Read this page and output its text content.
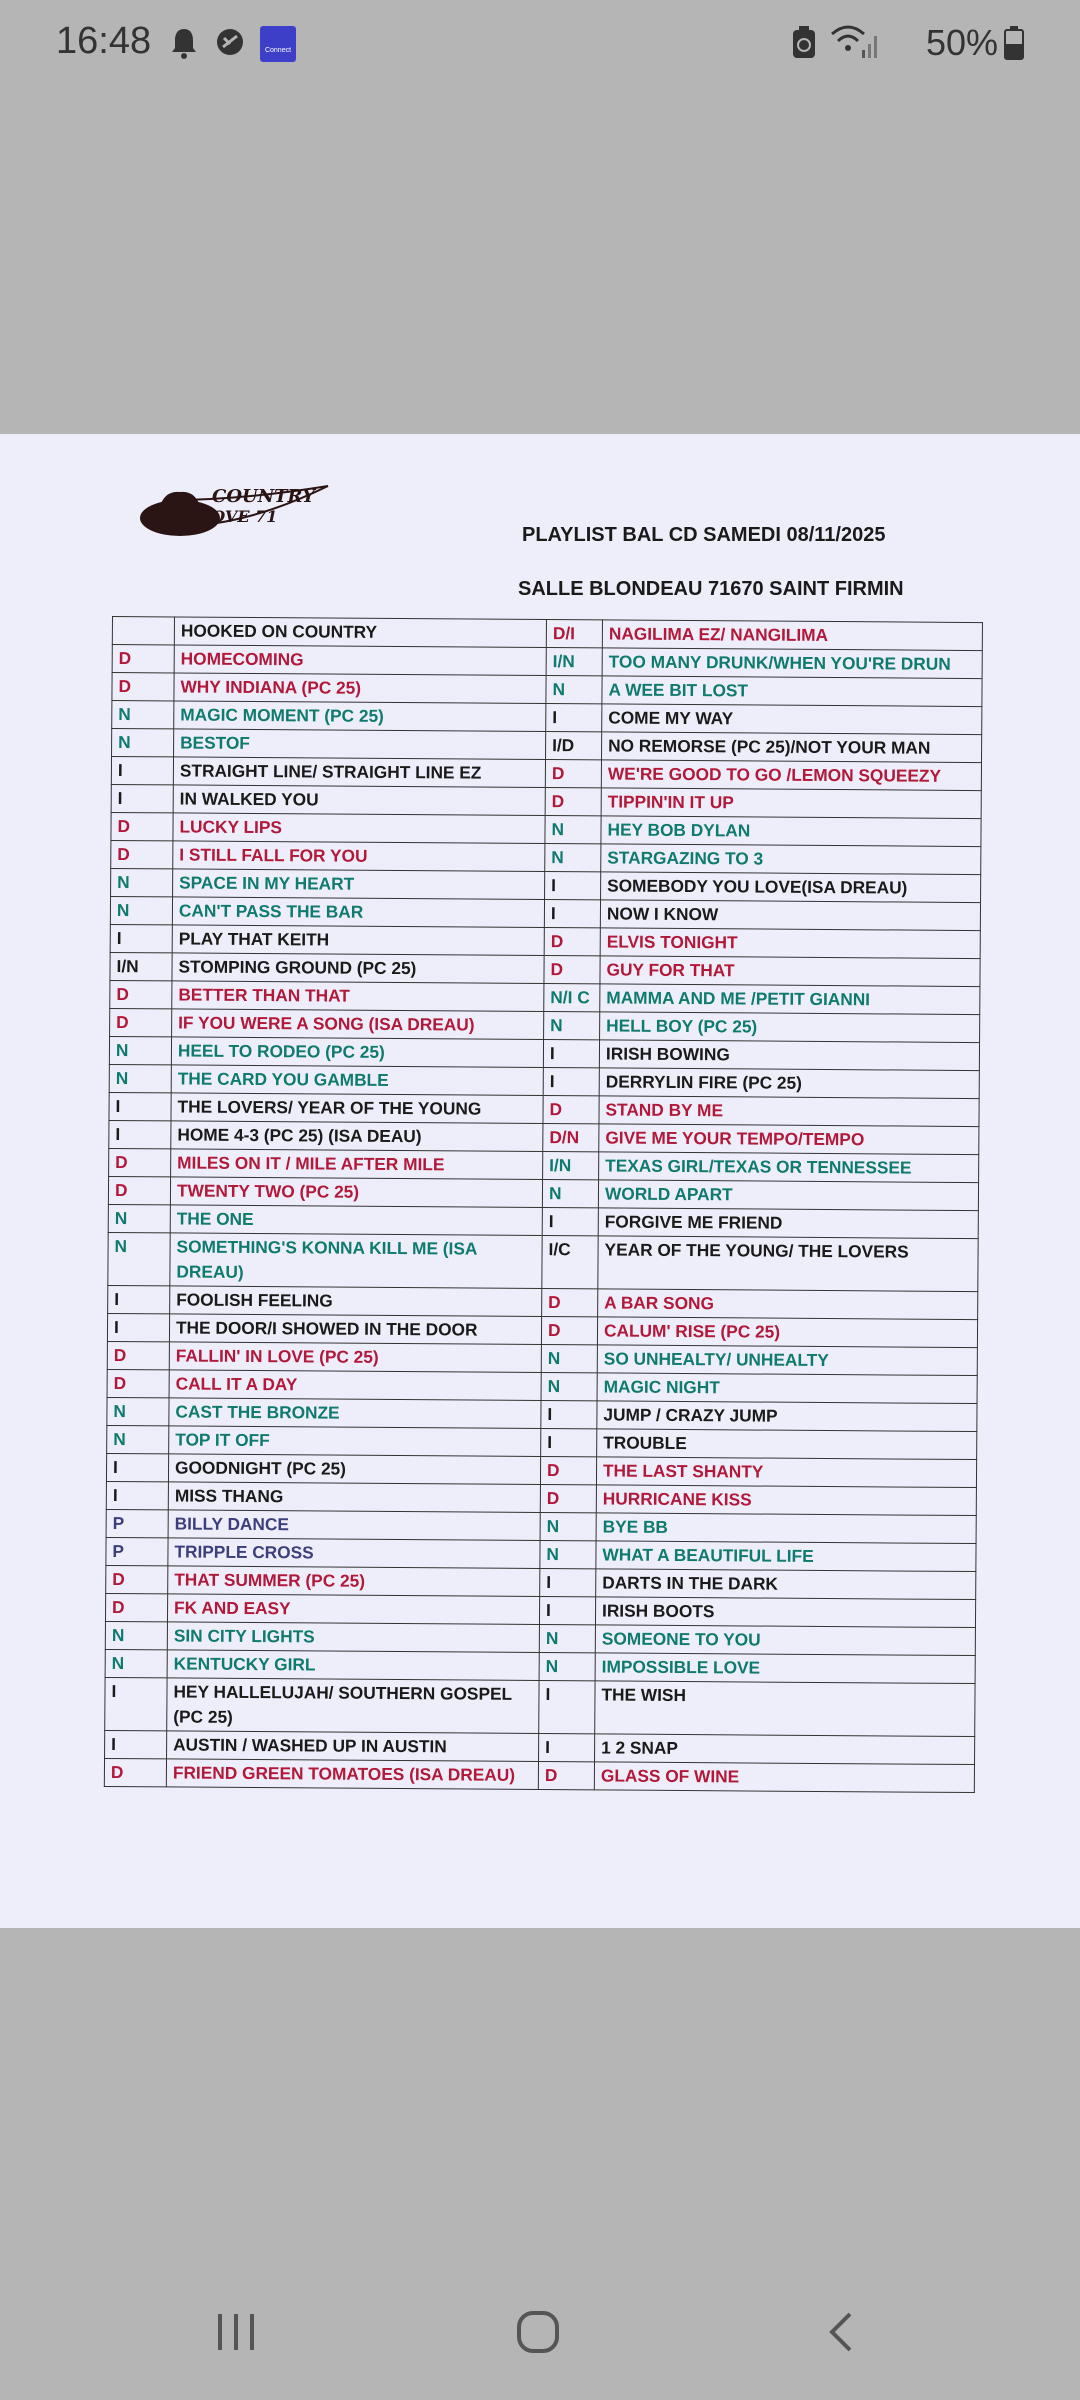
16:48	Connect	50%
COUNTRY
LOVE 71
PLAYLIST BAL CD SAMEDI 08/11/2025
SALLE BLONDEAU 71670 SAINT FIRMIN
	HOOKED ON COUNTRY	D/I	NAGILIMA EZ/ NANGILIMA
D	HOMECOMING	I/N	TOO MANY DRUNK/WHEN YOU'RE DRUN
D	WHY INDIANA (PC 25)	N	A WEE BIT LOST
N	MAGIC MOMENT (PC 25)	I	COME MY WAY
N	BESTOF	I/D	NO REMORSE (PC 25)/NOT YOUR MAN
I	STRAIGHT LINE/ STRAIGHT LINE EZ	D	WE'RE GOOD TO GO /LEMON SQUEEZY
I	IN WALKED YOU	D	TIPPIN'IN IT UP
D	LUCKY LIPS	N	HEY BOB DYLAN
D	I STILL FALL FOR YOU	N	STARGAZING TO 3
N	SPACE IN MY HEART	I	SOMEBODY YOU LOVE(ISA DREAU)
N	CAN'T PASS THE BAR	I	NOW I KNOW
I	PLAY THAT KEITH	D	ELVIS TONIGHT
I/N	STOMPING GROUND (PC 25)	D	GUY FOR THAT
D	BETTER THAN THAT	N/I C	MAMMA AND ME /PETIT GIANNI
D	IF YOU WERE A SONG (ISA DREAU)	N	HELL BOY (PC 25)
N	HEEL TO RODEO (PC 25)	I	IRISH BOWING
N	THE CARD YOU GAMBLE	I	DERRYLIN FIRE (PC 25)
I	THE LOVERS/ YEAR OF THE YOUNG	D	STAND BY ME
I	HOME 4-3 (PC 25) (ISA DEAU)	D/N	GIVE ME YOUR TEMPO/TEMPO
D	MILES ON IT / MILE AFTER MILE	I/N	TEXAS GIRL/TEXAS OR TENNESSEE
D	TWENTY TWO (PC 25)	N	WORLD APART
N	THE ONE	I	FORGIVE ME FRIEND
N	SOMETHING'S KONNA KILL ME (ISA DREAU)	I/C	YEAR OF THE YOUNG/ THE LOVERS
I	FOOLISH FEELING	D	A BAR SONG
I	THE DOOR/I SHOWED IN THE DOOR	D	CALUM' RISE (PC 25)
D	FALLIN' IN LOVE (PC 25)	N	SO UNHEALTY/ UNHEALTY
D	CALL IT A DAY	N	MAGIC NIGHT
N	CAST THE BRONZE	I	JUMP / CRAZY JUMP
N	TOP IT OFF	I	TROUBLE
I	GOODNIGHT (PC 25)	D	THE LAST SHANTY
I	MISS THANG	D	HURRICANE KISS
P	BILLY DANCE	N	BYE BB
P	TRIPPLE CROSS	N	WHAT A BEAUTIFUL LIFE
D	THAT SUMMER (PC 25)	I	DARTS IN THE DARK
D	FK AND EASY	I	IRISH BOOTS
N	SIN CITY LIGHTS	N	SOMEONE TO YOU
N	KENTUCKY GIRL	N	IMPOSSIBLE LOVE
I	HEY HALLELUJAH/ SOUTHERN GOSPEL (PC 25)	I	THE WISH
I	AUSTIN / WASHED UP IN AUSTIN	I	1 2 SNAP
D	FRIEND GREEN TOMATOES (ISA DREAU)	D	GLASS OF WINE
